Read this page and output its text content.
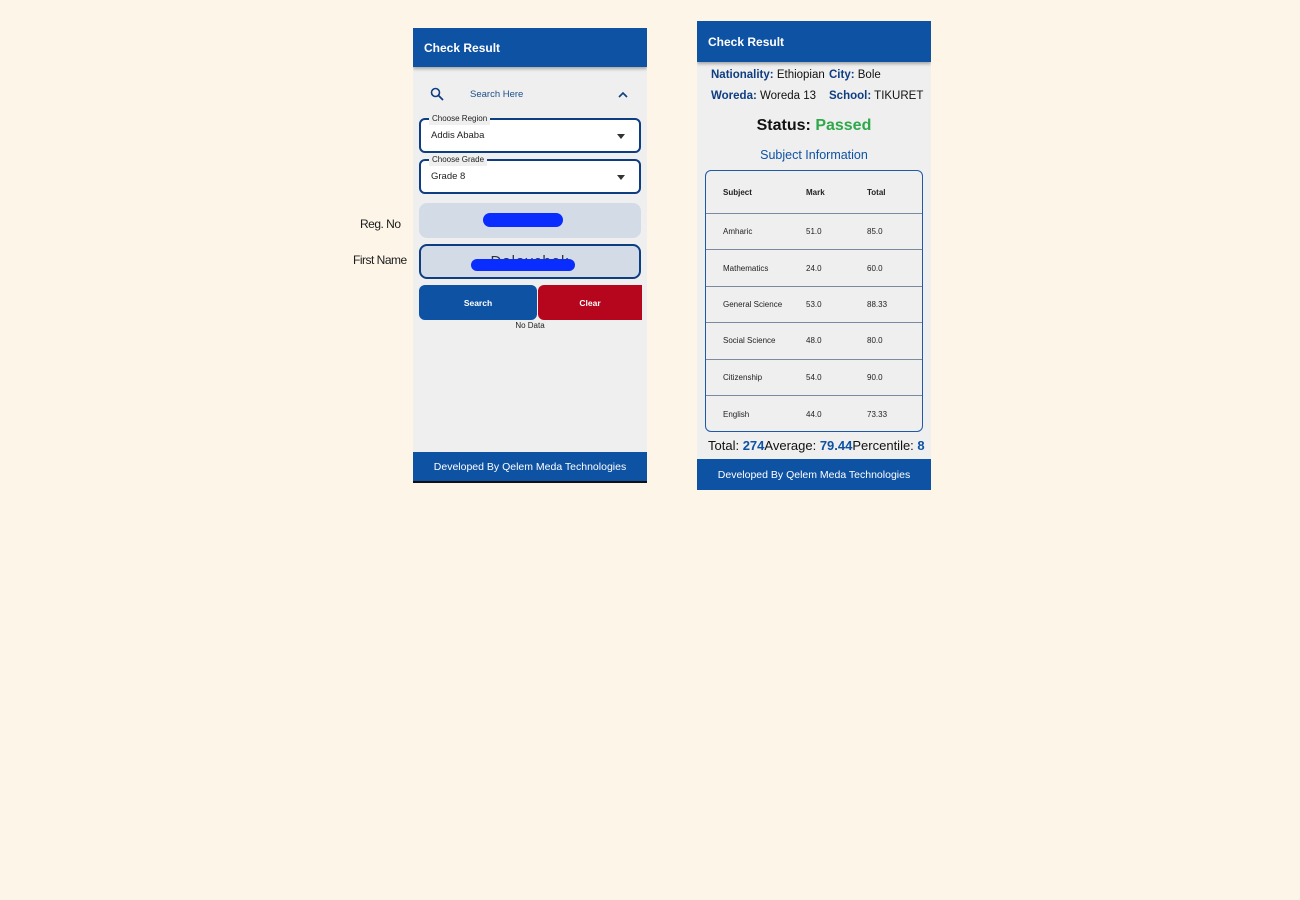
Reg. No
First Name
Check Result
Search Here
Choose Region
Addis Ababa
Choose Grade
Grade 8
Search	Clear
No Data
Developed By Qelem Meda Technologies
Check Result
Nationality: Ethiopian City: Bole
Woreda: Woreda 13	School: TIKURET
Status: Passed
Subject Information
Subject	Mark	Total
Amharic	51.0	85.0
Mathematics	24.0	60.0
General Science	53.0	88.33
Social Science	48.0	80.0
Citizenship	54.0	90.0
English	44.0	73.33
Total: 274Average: 79.44Percentile: 8
Developed By Qelem Meda Technologies
